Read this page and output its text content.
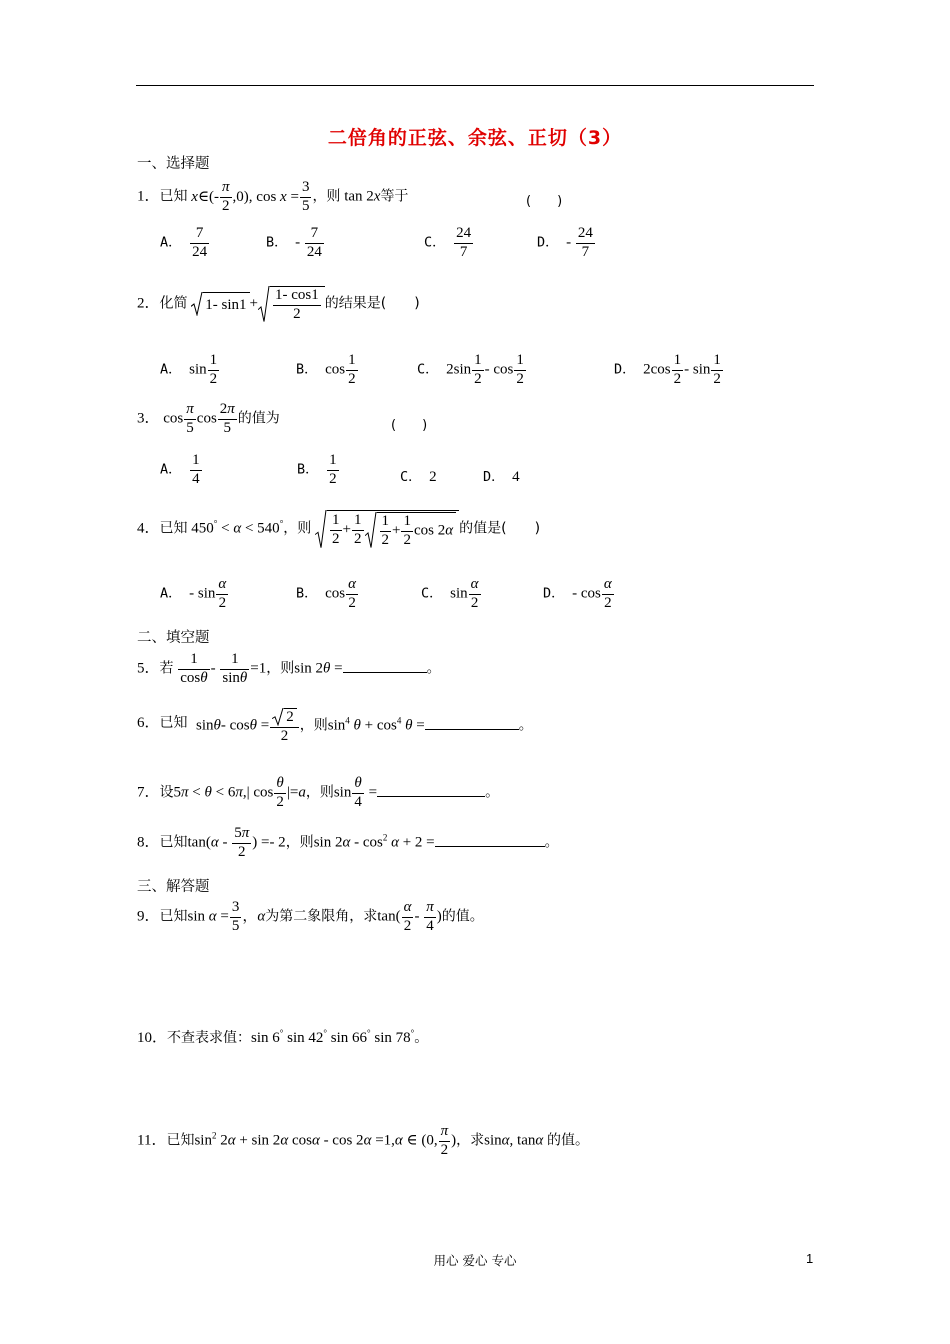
二倍角的正弦、余弦、正切（3）
一、选择题
1．已知 x∈(- $\frac{\pi}{2} ,0$), $\cos x = \frac{3}{5}$ ，则 tan 2x等于	(　　)
A． $\frac{7}{24}$	B．  - $\frac{7}{24}$	C． $\frac{24}{7}$	D．  - $\frac{24}{7}$
2．化简 1- $\sin 1 + \frac{1- \cos 1}{2}$ 的结果是(　　)
A．  $\sin \frac{1}{2}$	B．  $\cos \frac{1}{2}$	C．  $2\sin \frac{1}{2}$ - $\cos \frac{1}{2}$	D．  $2\cos \frac{1}{2}$ - $\sin \frac{1}{2}$
3． $\cos \frac{\pi}{5}$ $\cos \frac{2\pi}{5}$ 的值为	(　　)
A． $\frac{1}{4}$	B． $\frac{1}{2}$	C． 2	D． 4
4．已知 450° < α < 540°，则 $\frac{1}{2} + \frac{1}{2} \frac{1}{2} + \frac{1}{2}$ cos 2α 的值是(　　)
A．  - $\sin \frac{\alpha}{2}$	B．  $\cos \frac{\alpha}{2}$	C．  $\sin \frac{\alpha}{2}$	D．  - $\cos \frac{\alpha}{2}$
二、填空题
5．若 $\frac{1}{\cos\theta} - \frac{1}{\sin\theta} =1$，则sin 2θ =	。
6．已知 sinθ- $\cos\theta = \frac{2}{2}$ ，则$\sin^4 \theta + \cos^4 \theta$ =	。
7．设5π < θ < 6π,| $\cos \frac{\theta}{2} |=a$，则$\sin \frac{\theta}{4}$ =	。
8．已知$\tan(\alpha - \frac{5\pi}{2}$ ) =- 2，则$\sin 2\alpha - \cos^2 \alpha + 2$ =	。
三、解答题
9．已知$\sin \alpha = \frac{3}{5}$ ，α为第二象限角，求$\tan( \frac{\alpha}{2} - \frac{\pi}{4}$ )的值。
10．不查表求值：sin 6° sin 42° sin 66° sin 78°。
11．已知$\sin^2 2\alpha + \sin 2\alpha$ cosα - cos 2α =1,α ∈ (0, $\frac{\pi}{2}$ )，求sinα, tanα 的值。
用心 爱心 专心	1
